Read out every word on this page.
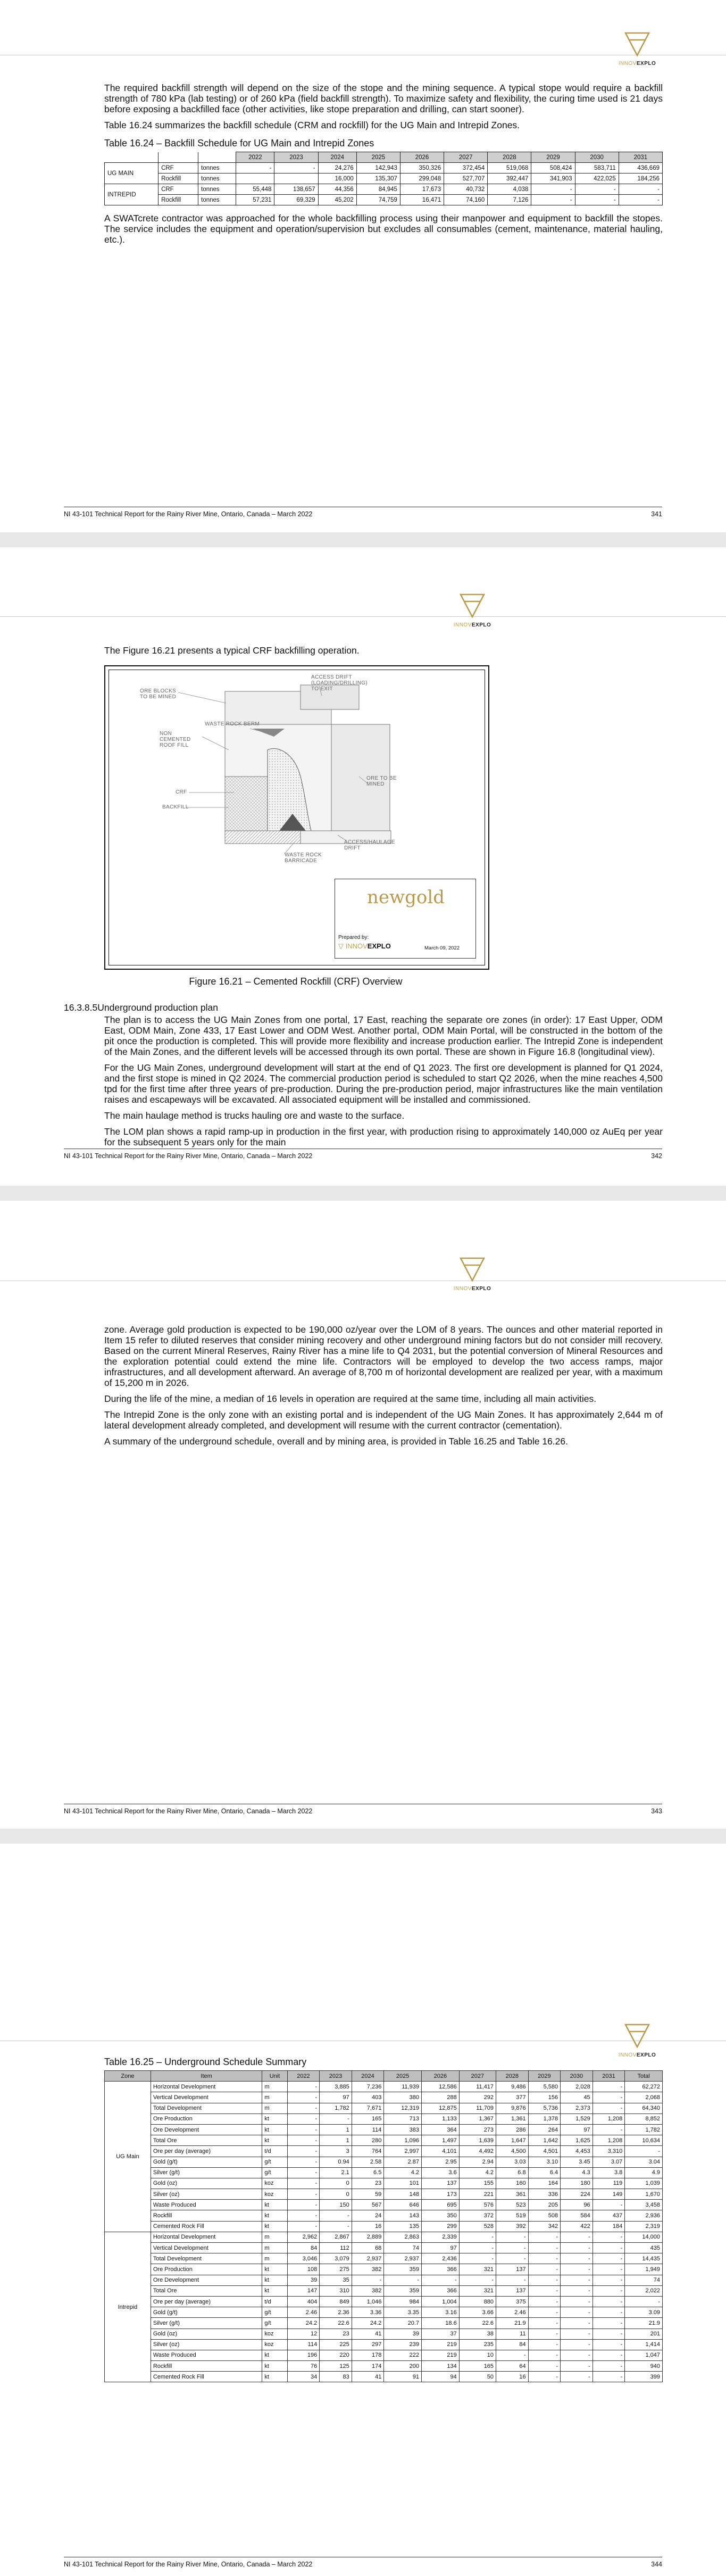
INNOVEXPLO

The required backfill strength will depend on the size of the stope and the mining sequence. A typical stope would require a backfill strength of 780 kPa (lab testing) or of 260 kPa (field backfill strength). To maximize safety and flexibility, the curing time used is 21 days before exposing a backfilled face (other activities, like stope preparation and drilling, can start sooner).

Table 16.24 summarizes the backfill schedule (CRM and rockfill) for the UG Main and Intrepid Zones.

Table 16.24 – Backfill Schedule for UG Main and Intrepid Zones
			2022	2023	2024	2025	2026	2027	2028	2029	2030	2031
UG MAIN	CRF	tonnes	-	-	24,276	142,943	350,326	372,454	519,068	508,424	583,711	436,669
	Rockfill	tonnes			16,000	135,307	299,048	527,707	392,447	341,903	422,025	184,256
INTREPID	CRF	tonnes	55,448	138,657	44,356	84,945	17,673	40,732	4,038	-	-	-
	Rockfill	tonnes	57,231	69,329	45,202	74,759	16,471	74,160	7,126	-	-	-

A SWATcrete contractor was approached for the whole backfilling process using their manpower and equipment to backfill the stopes. The service includes the equipment and operation/supervision but excludes all consumables (cement, maintenance, material hauling, etc.).

NI 43-101 Technical Report for the Rainy River Mine, Ontario, Canada – March 2022	341
INNOVEXPLO

The Figure 16.21 presents a typical CRF backfilling operation.

ORE BLOCKS TO BE MINED
ACCESS DRIFT (LOADING/DRILLING) TO EXIT
WASTE ROCK BERM
NON CEMENTED ROOF FILL
CRF
BACKFILL
ORE TO BE MINED
ACCESS/HAULAGE DRIFT
WASTE ROCK BARRICADE
newgold
Prepared by:
▽ INNOVEXPLO	March 09, 2022
Figure 16.21 – Cemented Rockfill (CRF) Overview
16.3.8.5Underground production plan

The plan is to access the UG Main Zones from one portal, 17 East, reaching the separate ore zones (in order): 17 East Upper, ODM East, ODM Main, Zone 433, 17 East Lower and ODM West. Another portal, ODM Main Portal, will be constructed in the bottom of the pit once the production is completed. This will provide more flexibility and increase production earlier. The Intrepid Zone is independent of the Main Zones, and the different levels will be accessed through its own portal. These are shown in Figure 16.8 (longitudinal view).

For the UG Main Zones, underground development will start at the end of Q1 2023. The first ore development is planned for Q1 2024, and the first stope is mined in Q2 2024. The commercial production period is scheduled to start Q2 2026, when the mine reaches 4,500 tpd for the first time after three years of pre-production. During the pre-production period, major infrastructures like the main ventilation raises and escapeways will be excavated. All associated equipment will be installed and commissioned.

The main haulage method is trucks hauling ore and waste to the surface.

The LOM plan shows a rapid ramp-up in production in the first year, with production rising to approximately 140,000 oz AuEq per year for the subsequent 5 years only for the main

NI 43-101 Technical Report for the Rainy River Mine, Ontario, Canada – March 2022	342
INNOVEXPLO

zone. Average gold production is expected to be 190,000 oz/year over the LOM of 8 years. The ounces and other material reported in Item 15 refer to diluted reserves that consider mining recovery and other underground mining factors but do not consider mill recovery. Based on the current Mineral Reserves, Rainy River has a mine life to Q4 2031, but the potential conversion of Mineral Resources and the exploration potential could extend the mine life. Contractors will be employed to develop the two access ramps, major infrastructures, and all development afterward. An average of 8,700 m of horizontal development are realized per year, with a maximum of 15,200 m in 2026.

During the life of the mine, a median of 16 levels in operation are required at the same time, including all main activities.

The Intrepid Zone is the only zone with an existing portal and is independent of the UG Main Zones. It has approximately 2,644 m of lateral development already completed, and development will resume with the current contractor (cementation).

A summary of the underground schedule, overall and by mining area, is provided in Table 16.25 and Table 16.26.

NI 43-101 Technical Report for the Rainy River Mine, Ontario, Canada – March 2022	343
INNOVEXPLO
Table 16.25 – Underground Schedule Summary
Zone	Item	Unit	2022	2023	2024	2025	2026	2027	2028	2029	2030	2031	Total
UG Main	Horizontal Development	m	-	3,885	7,236	11,939	12,586	11,417	9,486	5,580	2,028	-	62,272
	Vertical Development	m	-	97	403	380	288	292	377	156	45	-	2,068
	Total Development	m	-	1,782	7,671	12,319	12,875	11,709	9,876	5,736	2,373	-	64,340
	Ore Production	kt	-	-	165	713	1,133	1,367	1,361	1,378	1,529	1,208	8,852
	Ore Development	kt	-	1	114	383	364	273	286	264	97	-	1,782
	Total Ore	kt	-	1	280	1,096	1,497	1,639	1,647	1,642	1,625	1,208	10,634
	Ore per day (average)	t/d	-	3	764	2,997	4,101	4,492	4,500	4,501	4,453	3,310	-
	Gold (g/t)	g/t	-	0.94	2.58	2.87	2.95	2.94	3.03	3.10	3.45	3.07	3.04
	Silver (g/t)	g/t	-	2.1	6.5	4.2	3.6	4.2	6.8	6.4	4.3	3.8	4.9
	Gold (oz)	koz	-	0	23	101	137	155	160	164	180	119	1,039
	Silver (oz)	koz	-	0	59	148	173	221	361	336	224	149	1,670
	Waste Produced	kt	-	150	567	646	695	576	523	205	96	-	3,458
	Rockfill	kt	-	-	24	143	350	372	519	508	584	437	2,936
	Cemented Rock Fill	kt	-	-	16	135	299	528	392	342	422	184	2,319
Intrepid	Horizontal Development	m	2,962	2,867	2,889	2,863	2,339	-	-	-	-	-	14,000
	Vertical Development	m	84	112	68	74	97	-	-	-	-	-	435
	Total Development	m	3,046	3,079	2,937	2,937	2,436	-	-	-	-	-	14,435
	Ore Production	kt	108	275	382	359	366	321	137	-	-	-	1,949
	Ore Development	kt	39	35	-	-	-	-	-	-	-	-	74
	Total Ore	kt	147	310	382	359	366	321	137	-	-	-	2,022
	Ore per day (average)	t/d	404	849	1,046	984	1,004	880	375	-	-	-	-
	Gold (g/t)	g/t	2.46	2.36	3.36	3.35	3.16	3.66	2.46	-	-	-	3.09
	Silver (g/t)	g/t	24.2	22.6	24.2	20.7	18.6	22.6	21.9	-	-	-	21.9
	Gold (oz)	koz	12	23	41	39	37	38	11	-	-	-	201
	Silver (oz)	koz	114	225	297	239	219	235	84	-	-	-	1,414
	Waste Produced	kt	196	220	178	222	219	10	-	-	-	-	1,047
	Rockfill	kt	76	125	174	200	134	165	64	-	-	-	940
	Cemented Rock Fill	kt	34	83	41	91	94	50	16	-	-	-	399
NI 43-101 Technical Report for the Rainy River Mine, Ontario, Canada – March 2022	344
